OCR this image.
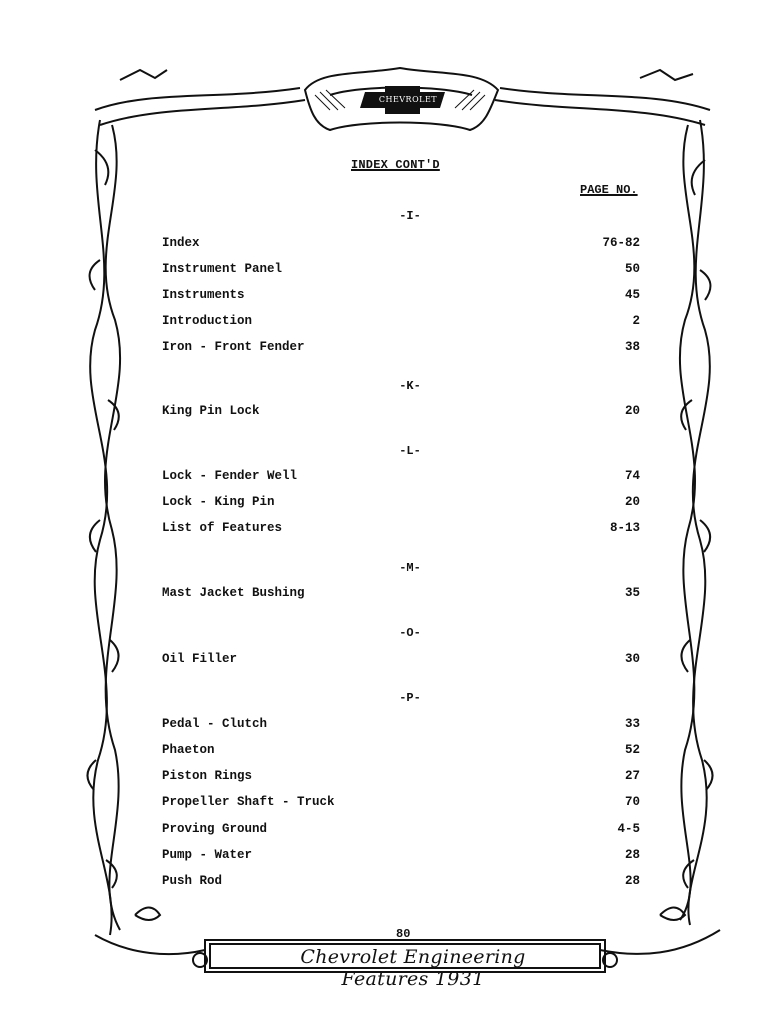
CHEVROLET
INDEX CONT'D
PAGE NO.
-I-
Index	76-82
Instrument Panel	50
Instruments	45
Introduction	2
Iron - Front Fender	38
-K-
King Pin Lock	20
-L-
Lock - Fender Well	74
Lock - King Pin	20
List of Features	8-13
-M-
Mast Jacket Bushing	35
-O-
Oil Filler	30
-P-
Pedal - Clutch	33
Phaeton	52
Piston Rings	27
Propeller Shaft - Truck	70
Proving Ground	4-5
Pump - Water	28
Push Rod	28
80
Chevrolet Engineering Features 1931
